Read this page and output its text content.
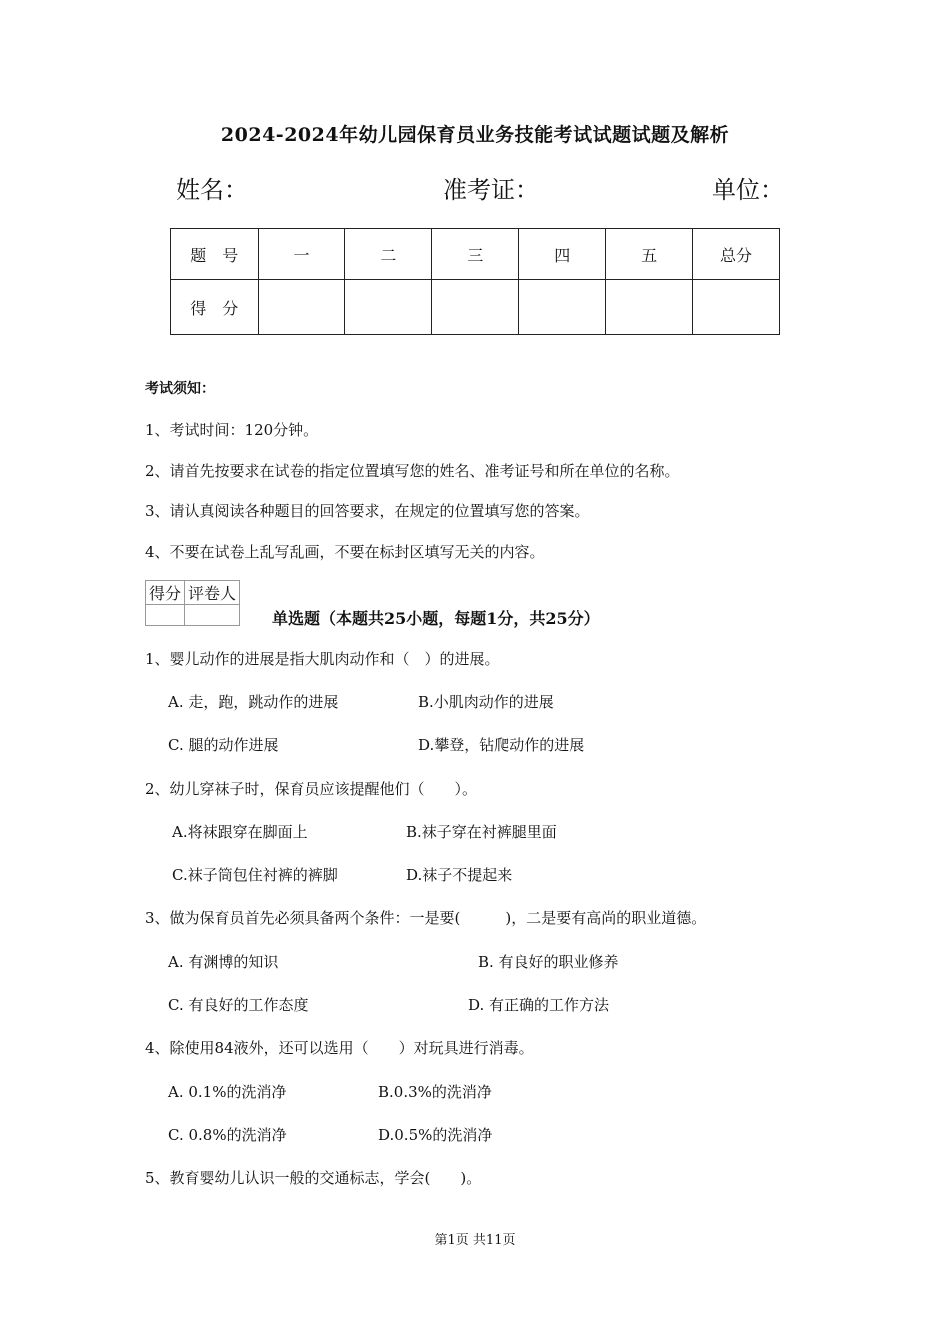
2024-2024年幼儿园保育员业务技能考试试题试题及解析
姓名：	准考证：	单位：
题　号	一	二	三	四	五	总分
得　分						
考试须知：
1、考试时间：120分钟。
2、请首先按要求在试卷的指定位置填写您的姓名、准考证号和所在单位的名称。
3、请认真阅读各种题目的回答要求，在规定的位置填写您的答案。
4、不要在试卷上乱写乱画，不要在标封区填写无关的内容。
得分	评卷人

单选题（本题共25小题，每题1分，共25分）
1、婴儿动作的进展是指大肌肉动作和（　）的进展。
A. 走，跑，跳动作的进展	B.小肌肉动作的进展
C. 腿的动作进展	D.攀登，钻爬动作的进展
2、幼儿穿袜子时，保育员应该提醒他们（　　）。
A.将袜跟穿在脚面上	B.袜子穿在衬裤腿里面
C.袜子筒包住衬裤的裤脚	D.袜子不提起来
3、做为保育员首先必须具备两个条件：一是要(　　　)，二是要有高尚的职业道德。
A. 有渊博的知识	B. 有良好的职业修养
C. 有良好的工作态度	D. 有正确的工作方法
4、除使用84液外，还可以选用（　　）对玩具进行消毒。
A. 0.1%的洗消净	B.0.3%的洗消净
C. 0.8%的洗消净	D.0.5%的洗消净
5、教育婴幼儿认识一般的交通标志，学会(　　)。
第1页 共11页
